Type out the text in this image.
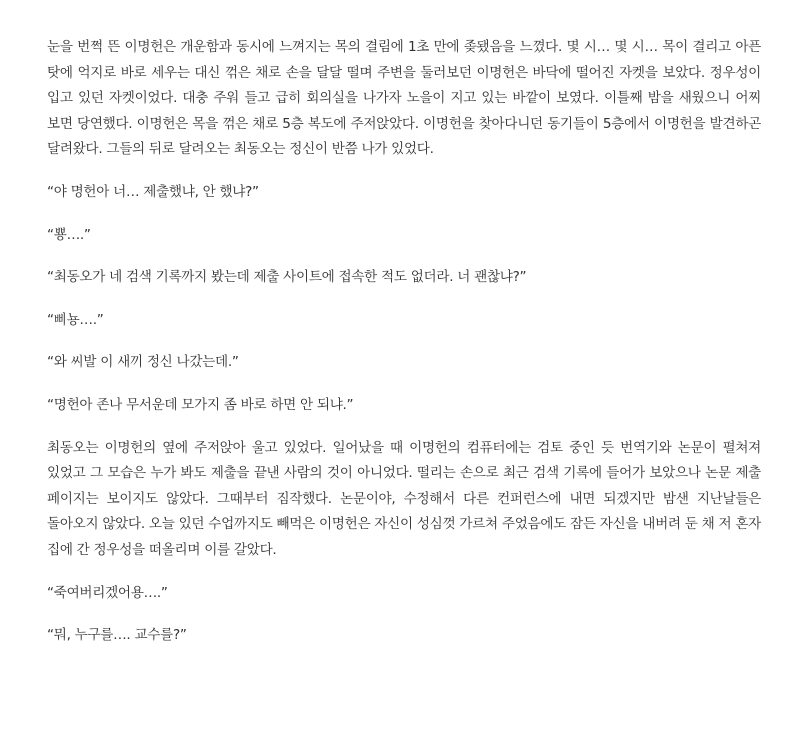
눈을 번쩍 뜬 이명헌은 개운함과 동시에 느껴지는 목의 결림에 1초 만에 좆됐음을 느꼈다. 몇 시… 몇 시… 목이 결리고 아픈 탓에 억지로 바로 세우는 대신 꺾은 채로 손을 달달 떨며 주변을 둘러보던 이명헌은 바닥에 떨어진 자켓을 보았다. 정우성이 입고 있던 자켓이었다. 대충 주워 들고 급히 회의실을 나가자 노을이 지고 있는 바깥이 보였다. 이틀째 밤을 새웠으니 어찌 보면 당연했다. 이명헌은 목을 꺾은 채로 5층 복도에 주저앉았다. 이명헌을 찾아다니던 동기들이 5층에서 이명헌을 발견하곤 달려왔다. 그들의 뒤로 달려오는 최동오는 정신이 반쯤 나가 있었다.

“야 명헌아 너… 제출했냐, 안 했냐?”

“뿅….”

“최동오가 네 검색 기록까지 봤는데 제출 사이트에 접속한 적도 없더라. 너 괜찮냐?”

“삐뇽….”

“와 씨발 이 새끼 정신 나갔는데.”

“명헌아 존나 무서운데 모가지 좀 바로 하면 안 되냐.”

최동오는 이명헌의 옆에 주저앉아 울고 있었다. 일어났을 때 이명헌의 컴퓨터에는 검토 중인 듯 번역기와 논문이 펼쳐져 있었고 그 모습은 누가 봐도 제출을 끝낸 사람의 것이 아니었다. 떨리는 손으로 최근 검색 기록에 들어가 보았으나 논문 제출 페이지는 보이지도 않았다. 그때부터 짐작했다. 논문이야, 수정해서 다른 컨퍼런스에 내면 되겠지만 밤샌 지난날들은 돌아오지 않았다. 오늘 있던 수업까지도 빼먹은 이명헌은 자신이 성심껏 가르쳐 주었음에도 잠든 자신을 내버려 둔 채 저 혼자 집에 간 정우성을 떠올리며 이를 갈았다.

“죽여버리겠어용….”

“뭐, 누구를…. 교수를?”
